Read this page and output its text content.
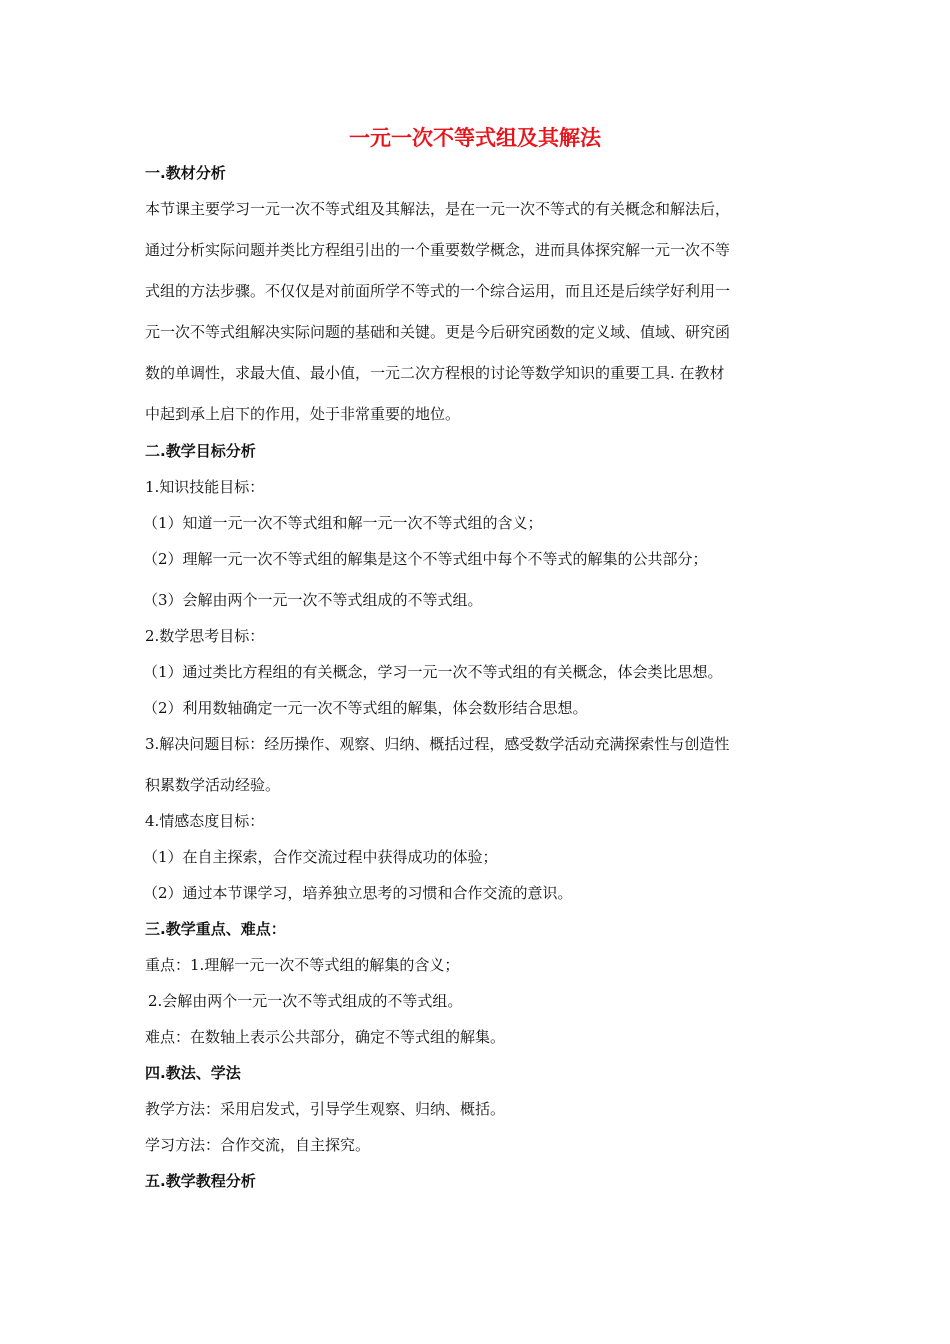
一元一次不等式组及其解法
一.教材分析
本节课主要学习一元一次不等式组及其解法，是在一元一次不等式的有关概念和解法后，
通过分析实际问题并类比方程组引出的一个重要数学概念，进而具体探究解一元一次不等
式组的方法步骤。不仅仅是对前面所学不等式的一个综合运用，而且还是后续学好利用一
元一次不等式组解决实际问题的基础和关键。更是今后研究函数的定义域、值域、研究函
数的单调性，求最大值、最小值，一元二次方程根的讨论等数学知识的重要工具. 在教材
中起到承上启下的作用，处于非常重要的地位。
二.教学目标分析
1.知识技能目标：
（1）知道一元一次不等式组和解一元一次不等式组的含义；
（2）理解一元一次不等式组的解集是这个不等式组中每个不等式的解集的公共部分；
（3）会解由两个一元一次不等式组成的不等式组。
2.数学思考目标：
（1）通过类比方程组的有关概念，学习一元一次不等式组的有关概念，体会类比思想。
（2）利用数轴确定一元一次不等式组的解集，体会数形结合思想。
3.解决问题目标：经历操作、观察、归纳、概括过程，感受数学活动充满探索性与创造性
积累数学活动经验。
4.情感态度目标：
（1）在自主探索，合作交流过程中获得成功的体验；
（2）通过本节课学习，培养独立思考的习惯和合作交流的意识。
三.教学重点、难点：
重点：1.理解一元一次不等式组的解集的含义；
2.会解由两个一元一次不等式组成的不等式组。
难点：在数轴上表示公共部分，确定不等式组的解集。
四.教法、学法
教学方法：采用启发式，引导学生观察、归纳、概括。
学习方法：合作交流，自主探究。
五.教学教程分析
